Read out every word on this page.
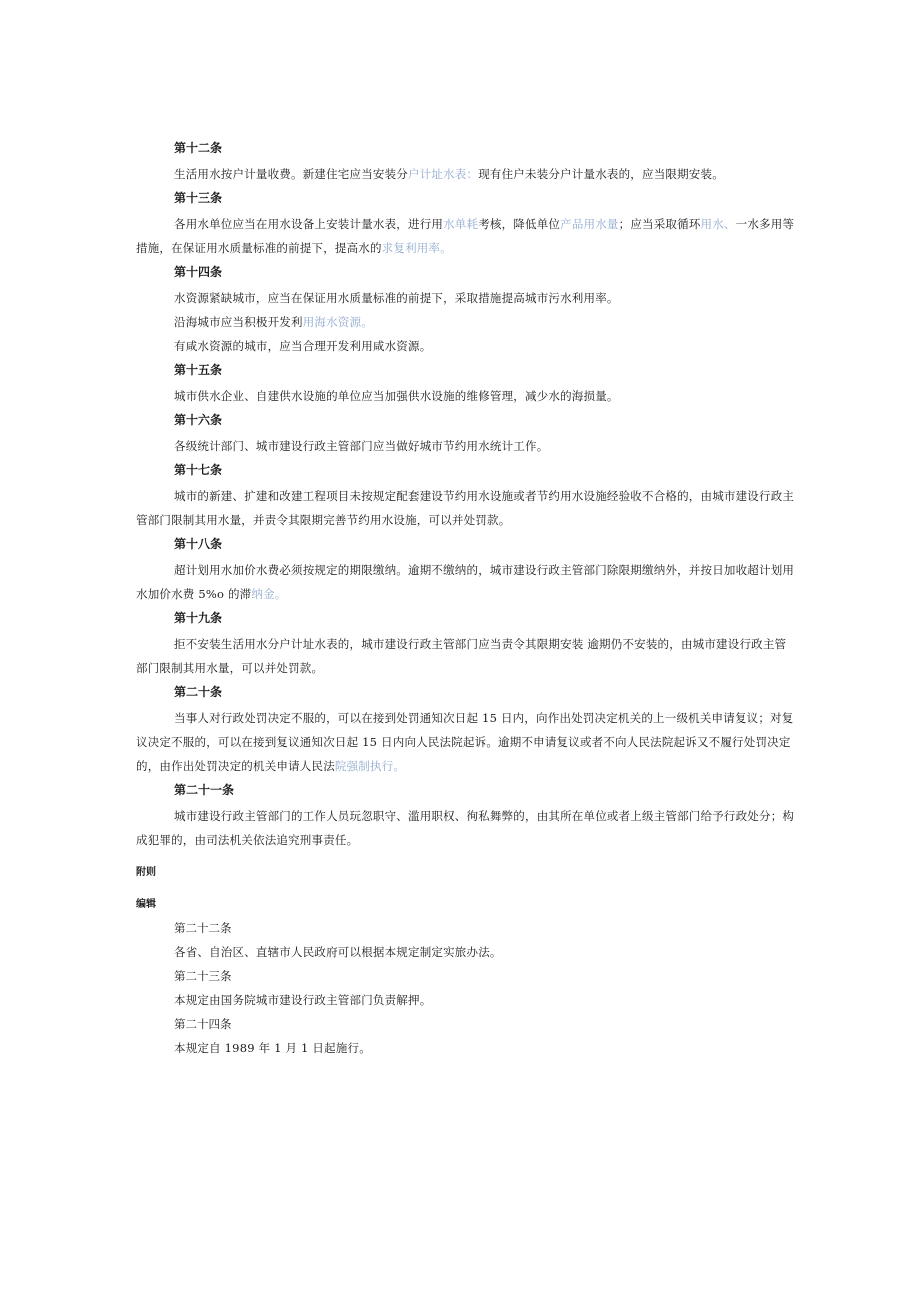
第十二条

生活用水按户计量收费。新建住宅应当安装分户计址水表：现有住户未装分户计量水表的，应当限期安装。

第十三条

各用水单位应当在用水设备上安装计量水表，进行用水单耗考核，降低单位产品用水量；应当采取循环用水、一水多用等措施，在保证用水质量标准的前提下，提高水的求复利用率。

第十四条

水资源紧缺城市，应当在保证用水质量标准的前提下，采取措施提高城市污水利用率。

沿海城市应当积极开发利用海水资源。

有咸水资源的城市，应当合理开发利用咸水资源。

第十五条

城市供水企业、自建供水设施的单位应当加强供水设施的维修管理，减少水的海损量。

第十六条

各级统计部门、城市建设行政主管部门应当做好城市节约用水统计工作。

第十七条

城市的新建、扩建和改建工程项目未按规定配套建设节约用水设施或者节约用水设施经验收不合格的，由城市建设行政主管部门限制其用水量，并责令其限期完善节约用水设施，可以并处罚款。

第十八条

超计划用水加价水费必须按规定的期限缴纳。逾期不缴纳的，城市建设行政主管部门除限期缴纳外，并按日加收超计划用水加价水费 5%o 的滞纳金。

第十九条

拒不安装生活用水分户计址水表的，城市建设行政主管部门应当责令其限期安装 逾期仍不安装的，由城市建设行政主管部门限制其用水量，可以并处罚款。

第二十条

当事人对行政处罚决定不服的，可以在接到处罚通知次日起 15 日内，向作出处罚决定机关的上一级机关申请复议；对复议决定不服的，可以在接到复议通知次日起 15 日内向人民法院起诉。逾期不申请复议或者不向人民法院起诉又不履行处罚决定的，由作出处罚决定的机关申请人民法院强制执行。

第二十一条

城市建设行政主管部门的工作人员玩忽职守、滥用职权、徇私舞弊的，由其所在单位或者上级主管部门给予行政处分；构成犯罪的，由司法机关依法追究刑事责任。

附则
编辑

第二十二条

各省、自治区、直辖市人民政府可以根据本规定制定实旅办法。

第二十三条

本规定由国务院城市建设行政主管部门负责解押。

第二十四条

本规定自 1989 年 1 月 1 日起施行。
